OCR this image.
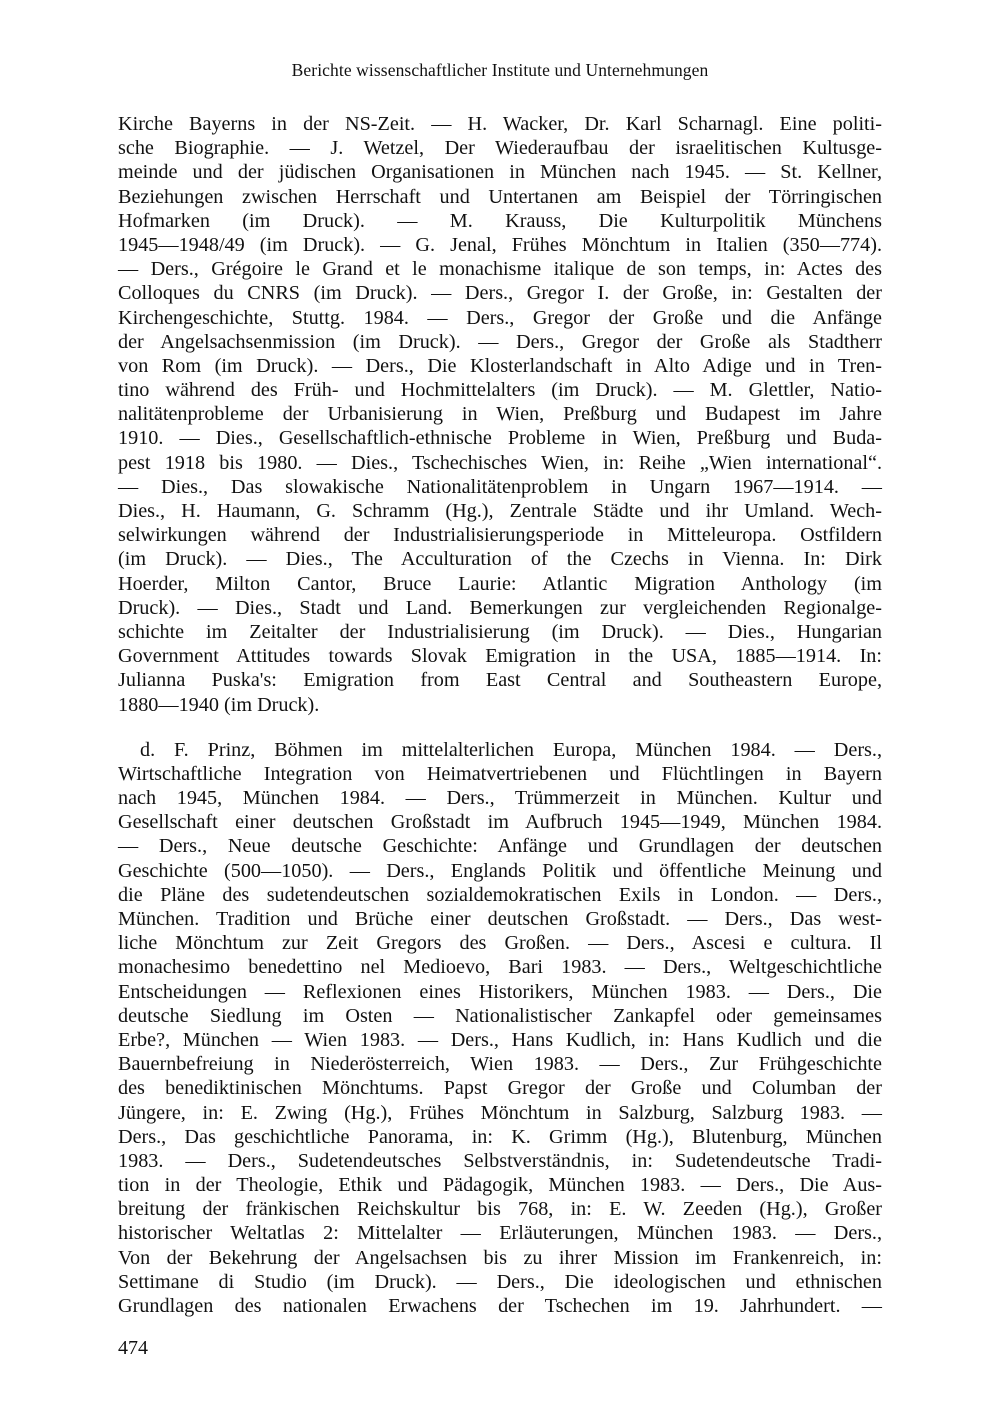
Berichte wissenschaftlicher Institute und Unternehmungen
Kirche Bayerns in der NS-Zeit. — H. Wacker, Dr. Karl Scharnagl. Eine politi-
sche Biographie. — J. Wetzel, Der Wiederaufbau der israelitischen Kultusge-
meinde und der jüdischen Organisationen in München nach 1945. — St. Kellner,
Beziehungen zwischen Herrschaft und Untertanen am Beispiel der Törringischen
Hofmarken (im Druck). — M. Krauss, Die Kulturpolitik Münchens
1945—1948/49 (im Druck). — G. Jenal, Frühes Mönchtum in Italien (350—774).
— Ders., Grégoire le Grand et le monachisme italique de son temps, in: Actes des
Colloques du CNRS (im Druck). — Ders., Gregor I. der Große, in: Gestalten der
Kirchengeschichte, Stuttg. 1984. — Ders., Gregor der Große und die Anfänge
der Angelsachsenmission (im Druck). — Ders., Gregor der Große als Stadtherr
von Rom (im Druck). — Ders., Die Klosterlandschaft in Alto Adige und in Tren-
tino während des Früh- und Hochmittelalters (im Druck). — M. Glettler, Natio-
nalitätenprobleme der Urbanisierung in Wien, Preßburg und Budapest im Jahre
1910. — Dies., Gesellschaftlich-ethnische Probleme in Wien, Preßburg und Buda-
pest 1918 bis 1980. — Dies., Tschechisches Wien, in: Reihe „Wien international“.
— Dies., Das slowakische Nationalitätenproblem in Ungarn 1967—1914. —
Dies., H. Haumann, G. Schramm (Hg.), Zentrale Städte und ihr Umland. Wech-
selwirkungen während der Industrialisierungsperiode in Mitteleuropa. Ostfildern
(im Druck). — Dies., The Acculturation of the Czechs in Vienna. In: Dirk
Hoerder, Milton Cantor, Bruce Laurie: Atlantic Migration Anthology (im
Druck). — Dies., Stadt und Land. Bemerkungen zur vergleichenden Regionalge-
schichte im Zeitalter der Industrialisierung (im Druck). — Dies., Hungarian
Government Attitudes towards Slovak Emigration in the USA, 1885—1914. In:
Julianna Puska's: Emigration from East Central and Southeastern Europe,
1880—1940 (im Druck).
d. F. Prinz, Böhmen im mittelalterlichen Europa, München 1984. — Ders.,
Wirtschaftliche Integration von Heimatvertriebenen und Flüchtlingen in Bayern
nach 1945, München 1984. — Ders., Trümmerzeit in München. Kultur und
Gesellschaft einer deutschen Großstadt im Aufbruch 1945—1949, München 1984.
— Ders., Neue deutsche Geschichte: Anfänge und Grundlagen der deutschen
Geschichte (500—1050). — Ders., Englands Politik und öffentliche Meinung und
die Pläne des sudetendeutschen sozialdemokratischen Exils in London. — Ders.,
München. Tradition und Brüche einer deutschen Großstadt. — Ders., Das west-
liche Mönchtum zur Zeit Gregors des Großen. — Ders., Ascesi e cultura. Il
monachesimo benedettino nel Medioevo, Bari 1983. — Ders., Weltgeschichtliche
Entscheidungen — Reflexionen eines Historikers, München 1983. — Ders., Die
deutsche Siedlung im Osten — Nationalistischer Zankapfel oder gemeinsames
Erbe?, München — Wien 1983. — Ders., Hans Kudlich, in: Hans Kudlich und die
Bauernbefreiung in Niederösterreich, Wien 1983. — Ders., Zur Frühgeschichte
des benediktinischen Mönchtums. Papst Gregor der Große und Columban der
Jüngere, in: E. Zwing (Hg.), Frühes Mönchtum in Salzburg, Salzburg 1983. —
Ders., Das geschichtliche Panorama, in: K. Grimm (Hg.), Blutenburg, München
1983. — Ders., Sudetendeutsches Selbstverständnis, in: Sudetendeutsche Tradi-
tion in der Theologie, Ethik und Pädagogik, München 1983. — Ders., Die Aus-
breitung der fränkischen Reichskultur bis 768, in: E. W. Zeeden (Hg.), Großer
historischer Weltatlas 2: Mittelalter — Erläuterungen, München 1983. — Ders.,
Von der Bekehrung der Angelsachsen bis zu ihrer Mission im Frankenreich, in:
Settimane di Studio (im Druck). — Ders., Die ideologischen und ethnischen
Grundlagen des nationalen Erwachens der Tschechen im 19. Jahrhundert. —
474
